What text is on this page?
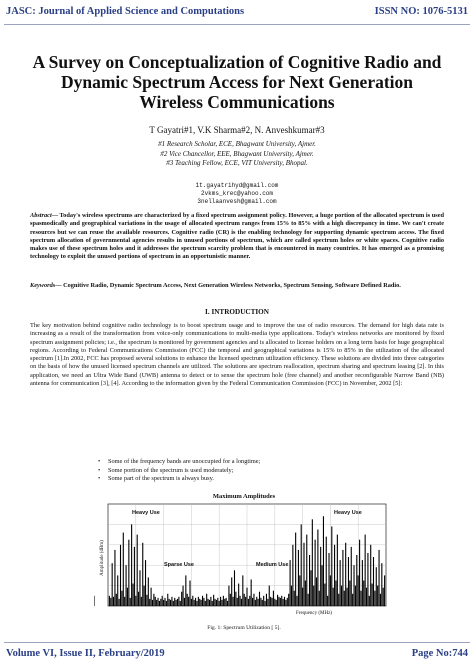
JASC: Journal of Applied Science and Computations	ISSN NO: 1076-5131
A Survey on Conceptualization of Cognitive Radio and Dynamic Spectrum Access for Next Generation Wireless Communications
T Gayatri#1, V.K Sharma#2, N. Anveshkumar#3
#1 Research Scholar, ECE, Bhagwant University, Ajmer.
#2 Vice Chancellor, EEE, Bhagwant University, Ajmer.
#3 Teaching Fellow, ECE, VIT University, Bhopal.
1t.gayatrihyd@gmail.com
2vkms_krec@yahoo.com
3nellaanvesh@gmail.com
Abstract— Today's wireless spectrums are characterized by a fixed spectrum assignment policy. However, a huge portion of the allocated spectrum is used spasmodically and geographical variations in the usage of allocated spectrum ranges from 15% to 85% with a high discrepancy in time. We can't create resources but we can reuse the available resources. Cognitive radio (CR) is the enabling technology for supporting dynamic spectrum access. The fixed spectrum allocation of governmental agencies results in unused portions of spectrum, which are called spectrum holes or white spaces. Cognitive radio makes use of these spectrum holes and it addresses the spectrum scarcity problem that is encountered in many countries. It has emerged as a promising technology to exploit the unused portions of spectrum in an opportunistic manner.
Keywords— Cognitive Radio, Dynamic Spectrum Access, Next Generation Wireless Networks, Spectrum Sensing, Software Defined Radio.
I. INTRODUCTION
The key motivation behind cognitive radio technology is to boost spectrum usage and to improve the use of radio resources. The demand for high data rate is increasing as a result of the transformation from voice-only communications to multi-media type applications. Today's wireless networks are monitored by fixed spectrum assignment policies; i.e., the spectrum is monitored by government agencies and is allocated to license holders on a long term basis for huge geographical regions. According to Federal Communications Commission (FCC) the temporal and geographical variations is 15% to 85% in the utilization of the allocated spectrum [1].In 2002, FCC has proposed several solutions to enhance the licensed spectrum utilization efficiency. These solutions are divided into three categories on the basis of how the unused licensed spectrum channels are utilized. The solutions are spectrum reallocation, spectrum sharing and spectrum leasing [2]. In this application, we need an Ultra Wide Band (UWB) antenna to detect or to sense the spectrum hole (free channel) and another reconfigurable Narrow Band (NB) antenna for communication [3], [4]. According to the information given by the Federal Communication Commission (FCC) in November, 2002 [5]:
• Some of the frequency bands are unoccupied for a longtime;
• Some portion of the spectrum is used moderately;
• Some part of the spectrum is always busy.
Maximum Amplitudes
Amplitude (dBm)
Heavy Use
Sparse Use	Medium Use
Heavy Use
Frequency (MHz)
Fig. 1: Spectrum Utilization [ 5].
Volume VI, Issue II, February/2019	Page No:744
